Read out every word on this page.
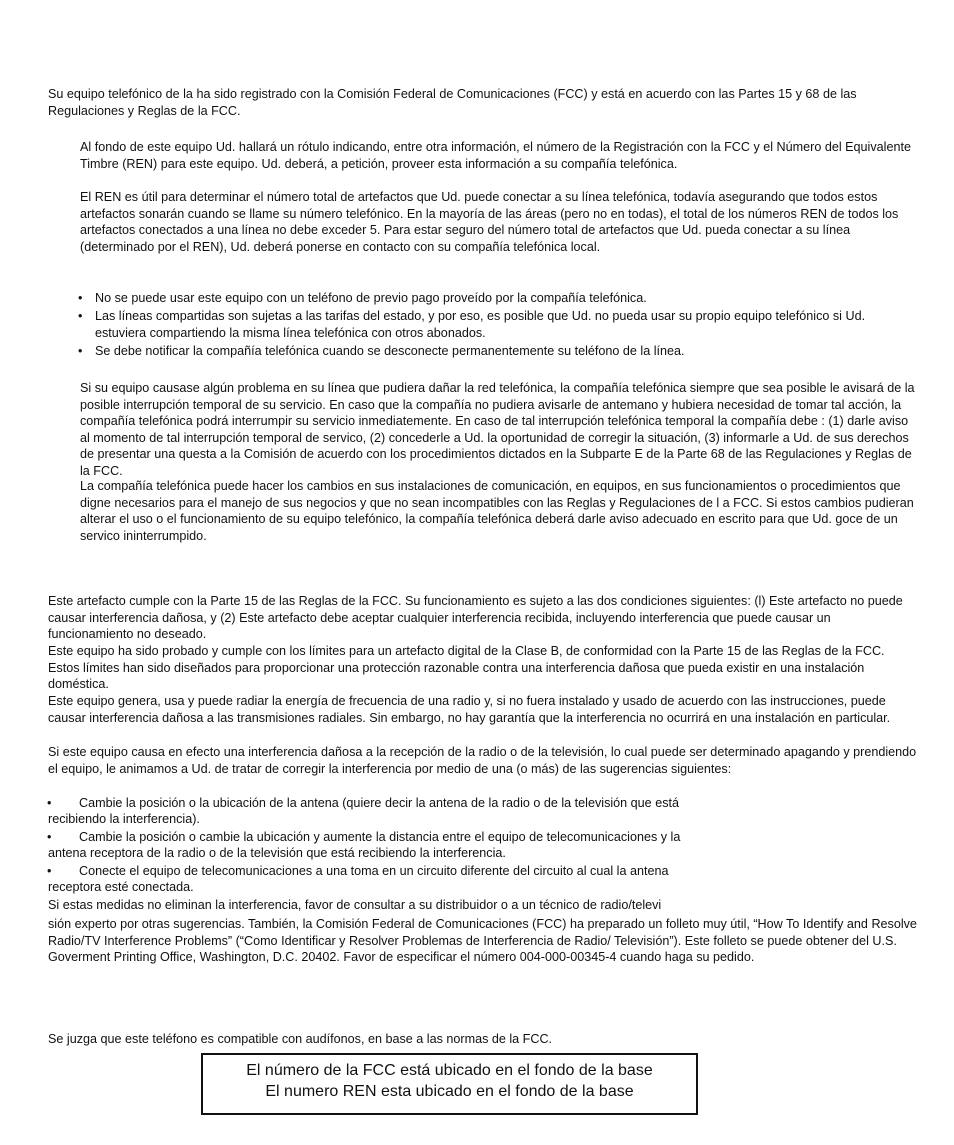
Su equipo telefónico de la ha sido registrado con la Comisión Federal de Comunicaciones (FCC) y está en acuerdo con las Partes 15 y 68 de las Regulaciones y Reglas de la FCC.

Al fondo de este equipo Ud. hallará un rótulo indicando, entre otra información, el número de la Registración con la FCC y el Número del Equivalente Timbre (REN) para este equipo. Ud. deberá, a petición, proveer esta información a su compañía telefónica.

El REN es útil para determinar el número total de artefactos que Ud. puede conectar a su línea telefónica, todavía asegurando que todos estos artefactos sonarán cuando se llame su número telefónico. En la mayoría de las áreas (pero no en todas), el total de los números REN de todos los artefactos conectados a una línea no debe exceder 5. Para estar seguro del número total de artefactos que Ud. pueda conectar a su línea (determinado por el REN), Ud. deberá ponerse en contacto con su compañía telefónica local.

• No se puede usar este equipo con un teléfono de previo pago proveído por la compañía telefónica.

• Las líneas compartidas son sujetas a las tarifas del estado, y por eso, es posible que Ud. no pueda usar su propio equipo telefónico si Ud. estuviera compartiendo la misma línea telefónica con otros abonados.

• Se debe notificar la compañía telefónica cuando se desconecte permanentemente su teléfono de la línea.

Si su equipo causase algún problema en su línea que pudiera dañar la red telefónica, la compañía telefónica siempre que sea posible le avisará de la posible interrupción temporal de su servicio. En caso que la compañía no pudiera avisarle de antemano y hubiera necesidad de tomar tal acción, la compañía telefónica podrá interrumpir su servicio inmediatemente. En caso de tal interrupción telefónica temporal la compañía debe : (1) darle aviso al momento de tal interrupción temporal de servico, (2) concederle a Ud. la oportunidad de corregir la situación, (3) informarle a Ud. de sus derechos de presentar una questa a la Comisión de acuerdo con los procedimientos dictados en la Subparte E de la Parte 68 de las Regulaciones y Reglas de la FCC.

La compañía telefónica puede hacer los cambios en sus instalaciones de comunicación, en equipos, en sus funcionamientos o procedimientos que digne necesarios para el manejo de sus negocios y que no sean incompatibles con las Reglas y Regulaciones de l a FCC. Si estos cambios pudieran alterar el uso o el funcionamiento de su equipo telefónico, la compañía telefónica deberá darle aviso adecuado en escrito para que Ud. goce de un servico ininterrumpido.

Este artefacto cumple con la Parte 15 de las Reglas de la FCC. Su funcionamiento es sujeto a las dos condiciones siguientes: (l) Este artefacto no puede causar interferencia dañosa, y (2) Este artefacto debe aceptar cualquier interferencia recibida, incluyendo interferencia que puede causar un funcionamiento no deseado.

Este equipo ha sido probado y cumple con los límites para un artefacto digital de la Clase B, de conformidad con la Parte 15 de las Reglas de la FCC. Estos límites han sido diseñados para proporcionar una protección razonable contra una interferencia dañosa que pueda existir en una instalación doméstica.

Este equipo genera, usa y puede radiar la energía de frecuencia de una radio y, si no fuera instalado y usado de acuerdo con las instrucciones, puede causar interferencia dañosa a las transmisiones radiales. Sin embargo, no hay garantía que la interferencia no ocurrirá en una instalación en particular.

Si este equipo causa en efecto una interferencia dañosa a la recepción de la radio o de la televisión, lo cual puede ser determinado apagando y prendiendo el equipo, le animamos a Ud. de tratar de corregir la interferencia por medio de una (o más) de las sugerencias siguientes:

• Cambie la posición o la ubicación de la antena (quiere decir la antena de la radio o de la televisión que está

recibiendo la interferencia).

• Cambie la posición o cambie la ubicación y aumente la distancia entre el equipo de telecomunicaciones y la

antena receptora de la radio o de la televisión que está recibiendo la interferencia.

• Conecte el equipo de telecomunicaciones a una toma en un circuito diferente del circuito al cual la antena

receptora esté conectada.

Si estas medidas no eliminan la interferencia, favor de consultar a su distribuidor o a un técnico de radio/televi

sión experto por otras sugerencias. También, la Comisión Federal de Comunicaciones (FCC) ha preparado un folleto muy útil, “How To Identify and Resolve Radio/TV Interference Problems” (“Como Identificar y Resolver Problemas de Interferencia de Radio/ Televisión”). Este folleto se puede obtener del U.S. Goverment Printing Office, Washington, D.C. 20402. Favor de especificar el número 004-000-00345-4 cuando haga su pedido.

Se juzga que este teléfono es compatible con audífonos, en base a las normas de la FCC.

El número de la FCC está ubicado en el fondo de la base
El numero REN esta ubicado en el fondo de la base
